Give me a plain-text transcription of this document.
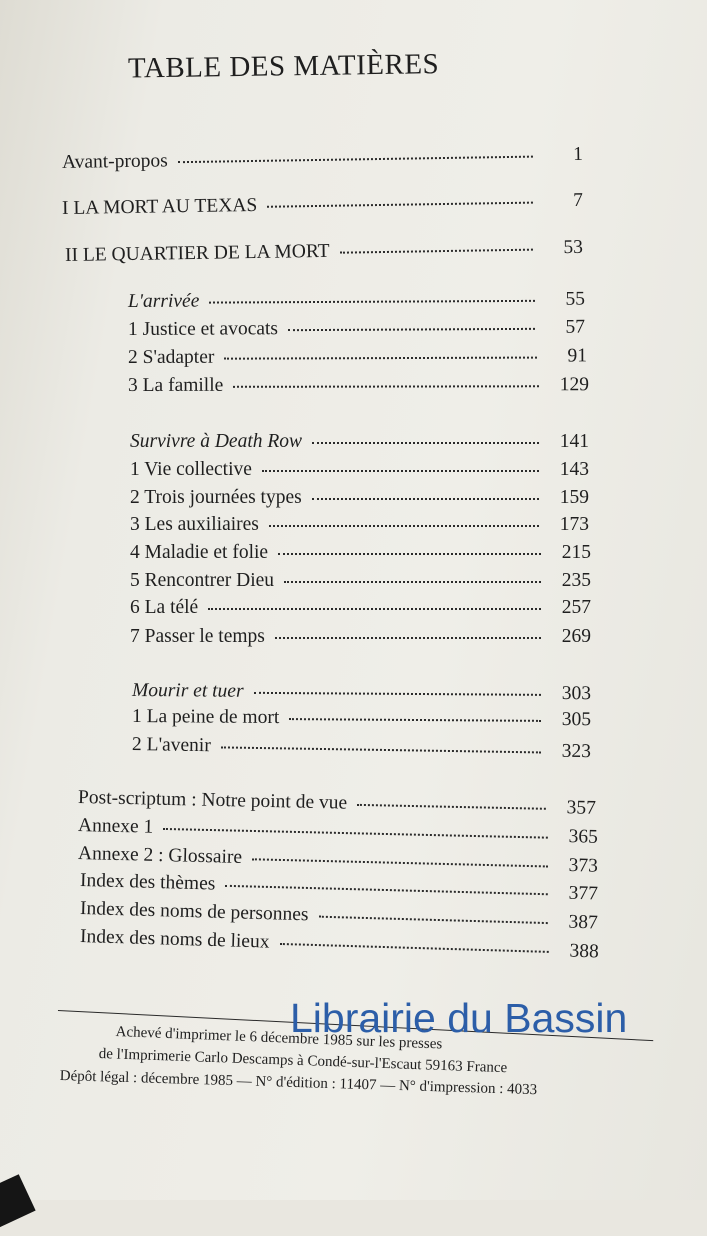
TABLE DES MATIÈRES
Avant-propos	1
I LA MORT AU TEXAS	7
II LE QUARTIER DE LA MORT	53
L'arrivée	55
1 Justice et avocats	57
2 S'adapter	91
3 La famille	129
Survivre à Death Row	141
1 Vie collective	143
2 Trois journées types	159
3 Les auxiliaires	173
4 Maladie et folie	215
5 Rencontrer Dieu	235
6 La télé	257
7 Passer le temps	269
Mourir et tuer	303
1 La peine de mort	305
2 L'avenir	323
Post-scriptum : Notre point de vue	357
Annexe 1	365
Annexe 2 : Glossaire	373
Index des thèmes	377
Index des noms de personnes	387
Index des noms de lieux	388
Achevé d'imprimer le 6 décembre 1985 sur les presses
de l'Imprimerie Carlo Descamps à Condé-sur-l'Escaut 59163 France
Dépôt légal : décembre 1985 — N° d'édition : 11407 — N° d'impression : 4033
Librairie du Bassin
